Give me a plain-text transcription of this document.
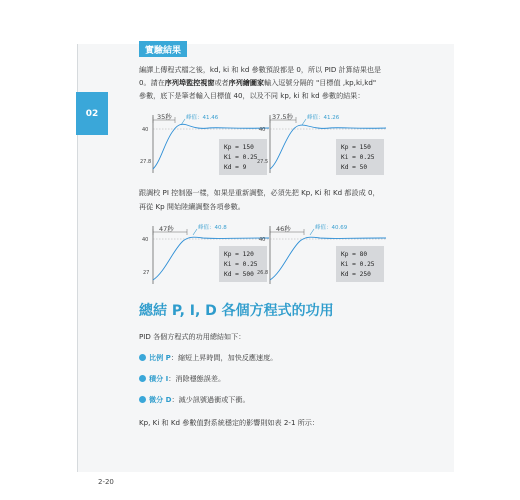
02
實驗結果
編譯上傳程式檔之後，kd, ki 和 kd 參數預設都是 0，所以 PID 計算結果也是
0。請在序列埠監控視窗或者序列繪圖家輸入逗號分隔的 "目標值 ,kp,ki,kd"
參數，底下是筆者輸入目標值 40，以及不同 kp, ki 和 kd 參數的結果：
35秒	峰值：41.46
40
27.8
Kp = 150
Ki = 0.25
Kd = 9
37.5秒	峰值：41.26
40
27.5
Kp = 150
Ki = 0.25
Kd = 50
跟調校 PI 控制器一樣，如果是重新調整，必須先把 Kp, Ki 和 Kd 都設成 0，
再從 Kp 開始陸續調整各項參數。
47秒	峰值：40.8
40
27
Kp = 120
Ki = 0.25
Kd = 500
46秒	峰值：40.69
40
26.8
Kp = 80
Ki = 0.25
Kd = 250
總結 P, I, D 各個方程式的功用
PID 各個方程式的功用總結如下：
比例 P：縮短上昇時間，加快反應速度。
積分 I：消除穩態誤差。
微分 D：減少訊號過衝或下衝。
Kp, Ki 和 Kd 參數值對系統穩定的影響則如表 2-1 所示：
2-20
